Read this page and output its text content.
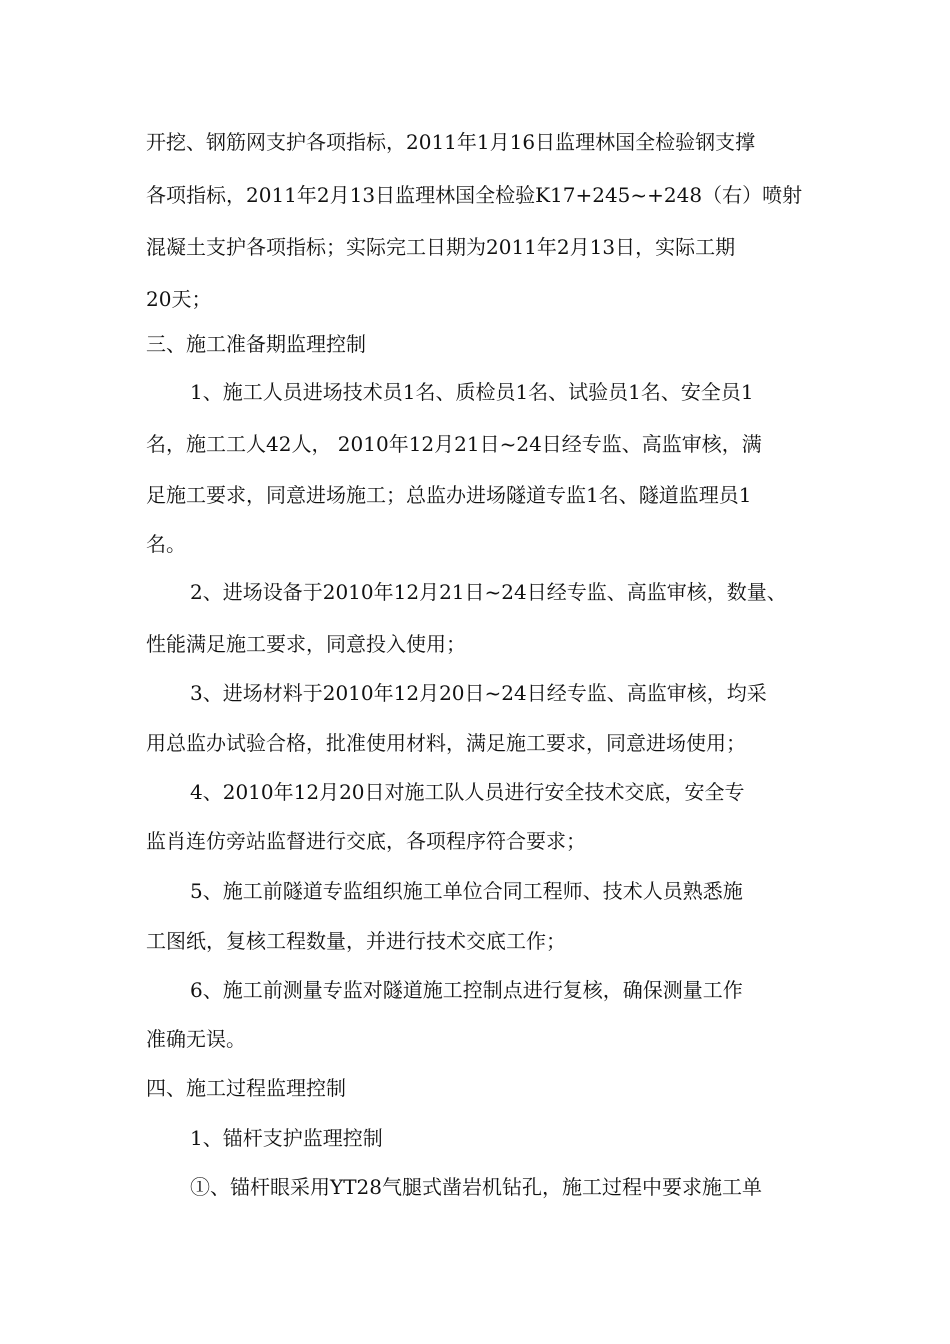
开挖、钢筋网支护各项指标，2011年1月16日监理林国全检验钢支撑
各项指标，2011年2月13日监理林国全检验K17+245~+248（右）喷射
混凝土支护各项指标；实际完工日期为2011年2月13日，实际工期
20天；
三、施工准备期监理控制
1、施工人员进场技术员1名、质检员1名、试验员1名、安全员1
名，施工工人42人， 2010年12月21日~24日经专监、高监审核，满
足施工要求，同意进场施工；总监办进场隧道专监1名、隧道监理员1
名。
2、进场设备于2010年12月21日~24日经专监、高监审核，数量、
性能满足施工要求，同意投入使用；
3、进场材料于2010年12月20日~24日经专监、高监审核，均采
用总监办试验合格，批准使用材料，满足施工要求，同意进场使用；
4、2010年12月20日对施工队人员进行安全技术交底，安全专
监肖连仿旁站监督进行交底，各项程序符合要求；
5、施工前隧道专监组织施工单位合同工程师、技术人员熟悉施
工图纸，复核工程数量，并进行技术交底工作；
6、施工前测量专监对隧道施工控制点进行复核，确保测量工作
准确无误。
四、施工过程监理控制
1、锚杆支护监理控制
①、锚杆眼采用YT28气腿式凿岩机钻孔，施工过程中要求施工单
